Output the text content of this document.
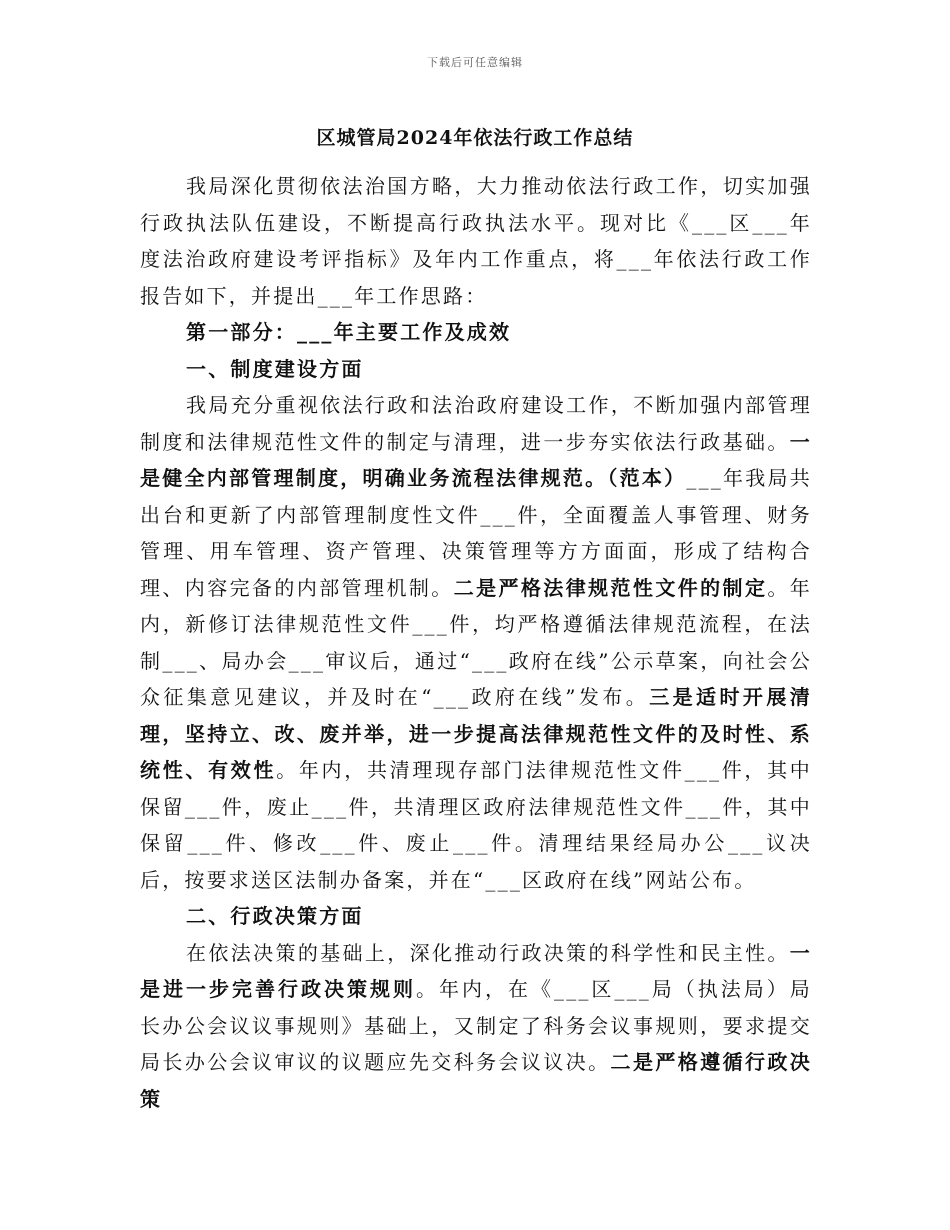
下载后可任意编辑
区城管局2024年依法行政工作总结

我局深化贯彻依法治国方略，大力推动依法行政工作，切实加强行政执法队伍建设，不断提高行政执法水平。现对比《___区___年度法治政府建设考评指标》及年内工作重点，将___年依法行政工作报告如下，并提出___年工作思路：

第一部分：___年主要工作及成效

一、制度建设方面

我局充分重视依法行政和法治政府建设工作，不断加强内部管理制度和法律规范性文件的制定与清理，进一步夯实依法行政基础。一是健全内部管理制度，明确业务流程法律规范。（范本）___年我局共出台和更新了内部管理制度性文件___件，全面覆盖人事管理、财务管理、用车管理、资产管理、决策管理等方方面面，形成了结构合理、内容完备的内部管理机制。二是严格法律规范性文件的制定。年内，新修订法律规范性文件___件，均严格遵循法律规范流程，在法制___、局办会___审议后，通过“___政府在线”公示草案，向社会公众征集意见建议，并及时在“___政府在线”发布。三是适时开展清理，坚持立、改、废并举，进一步提高法律规范性文件的及时性、系统性、有效性。年内，共清理现存部门法律规范性文件___件，其中保留___件，废止___件，共清理区政府法律规范性文件___件，其中保留___件、修改___件、废止___件。清理结果经局办公___议决后，按要求送区法制办备案，并在“___区政府在线”网站公布。

二、行政决策方面

在依法决策的基础上，深化推动行政决策的科学性和民主性。一是进一步完善行政决策规则。年内，在《___区___局（执法局）局长办公会议议事规则》基础上，又制定了科务会议事规则，要求提交局长办公会议审议的议题应先交科务会议议决。二是严格遵循行政决策
